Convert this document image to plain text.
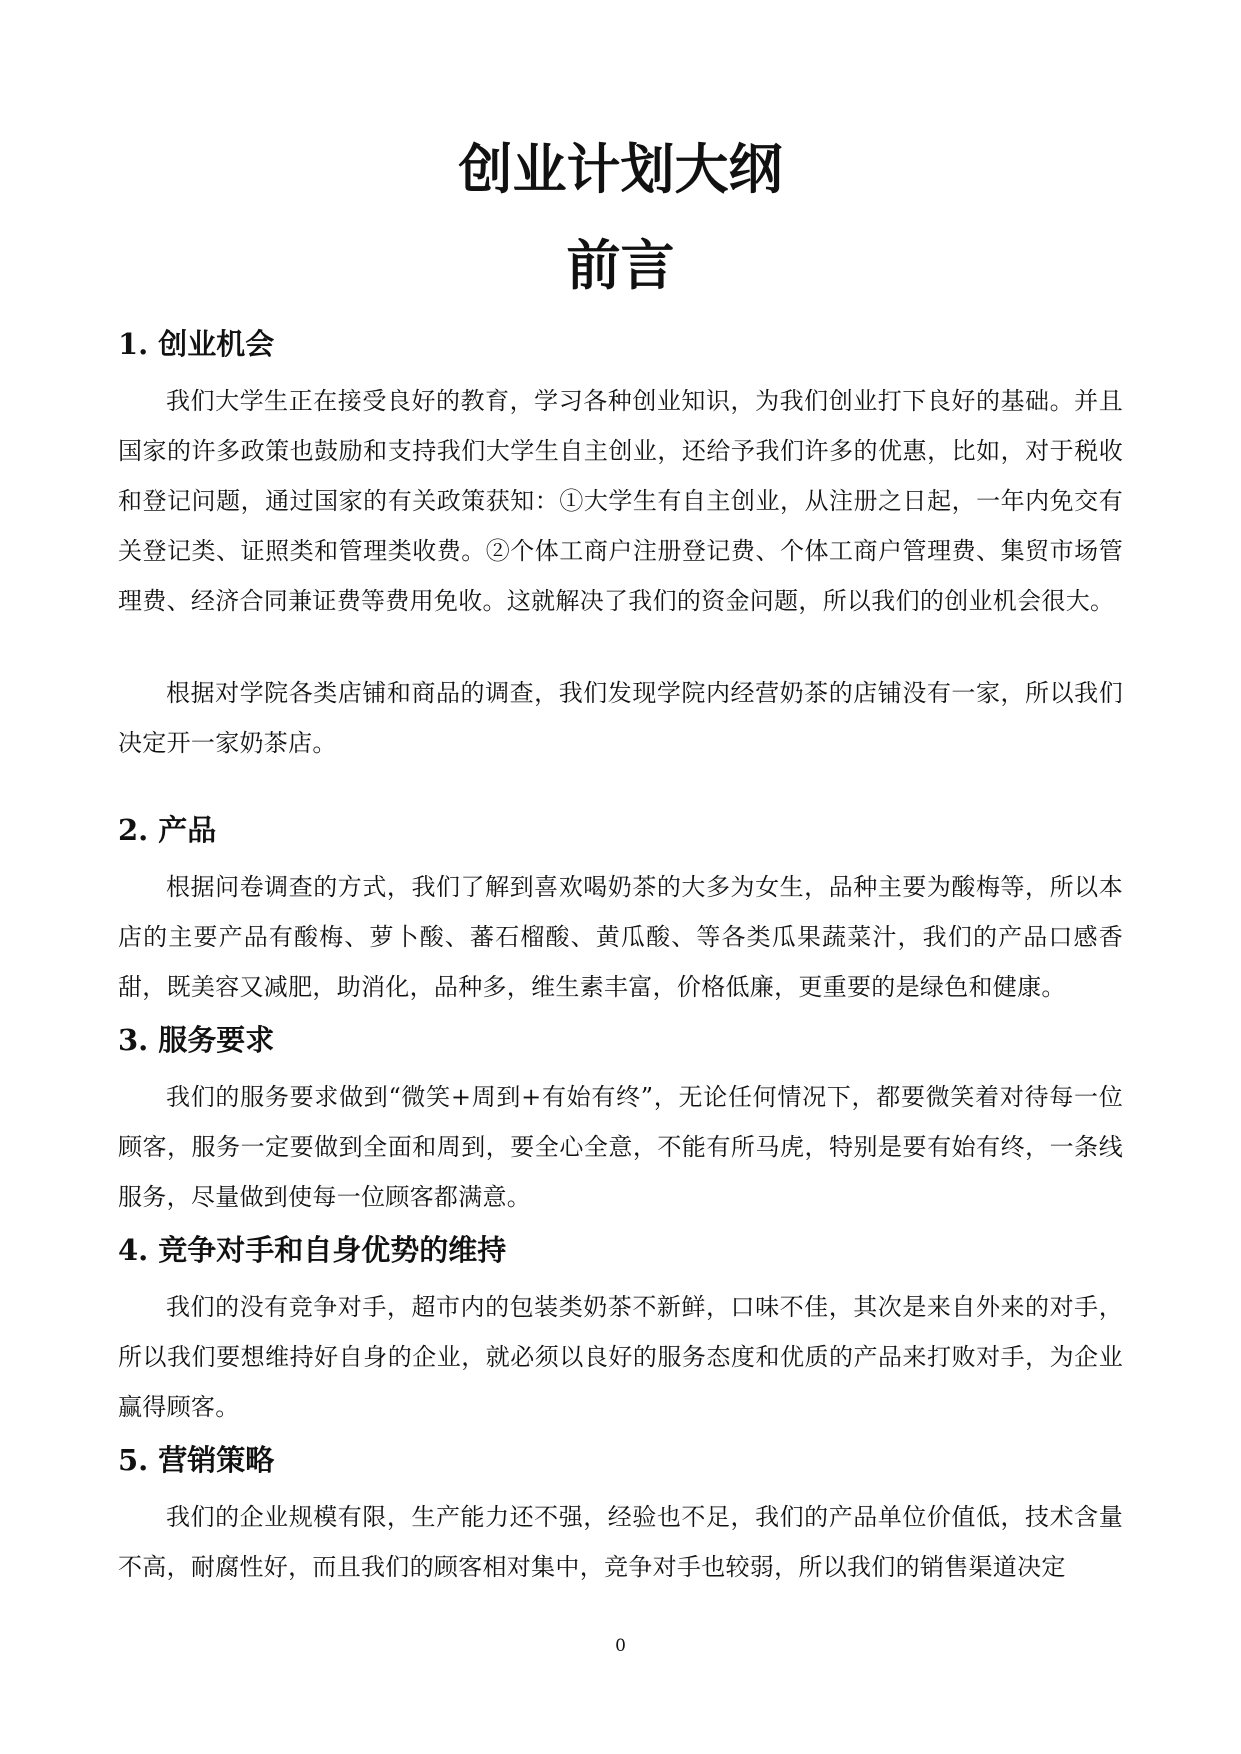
创业计划大纲
前言
1. 创业机会

我们大学生正在接受良好的教育，学习各种创业知识，为我们创业打下良好的基础。并且国家的许多政策也鼓励和支持我们大学生自主创业，还给予我们许多的优惠，比如，对于税收和登记问题，通过国家的有关政策获知：①大学生有自主创业，从注册之日起，一年内免交有关登记类、证照类和管理类收费。②个体工商户注册登记费、个体工商户管理费、集贸市场管理费、经济合同兼证费等费用免收。这就解决了我们的资金问题，所以我们的创业机会很大。

根据对学院各类店铺和商品的调查，我们发现学院内经营奶茶的店铺没有一家，所以我们决定开一家奶茶店。

2. 产品

根据问卷调查的方式，我们了解到喜欢喝奶茶的大多为女生，品种主要为酸梅等，所以本店的主要产品有酸梅、萝卜酸、蕃石榴酸、黄瓜酸、等各类瓜果蔬菜汁，我们的产品口感香甜，既美容又减肥，助消化，品种多，维生素丰富，价格低廉，更重要的是绿色和健康。

3. 服务要求

我们的服务要求做到“微笑+周到+有始有终”，无论任何情况下，都要微笑着对待每一位顾客，服务一定要做到全面和周到，要全心全意，不能有所马虎，特别是要有始有终，一条线服务，尽量做到使每一位顾客都满意。

4. 竞争对手和自身优势的维持

我们的没有竞争对手，超市内的包装类奶茶不新鲜，口味不佳，其次是来自外来的对手，所以我们要想维持好自身的企业，就必须以良好的服务态度和优质的产品来打败对手，为企业赢得顾客。

5. 营销策略

我们的企业规模有限，生产能力还不强，经验也不足，我们的产品单位价值低，技术含量不高，耐腐性好，而且我们的顾客相对集中，竞争对手也较弱，所以我们的销售渠道决定

0
